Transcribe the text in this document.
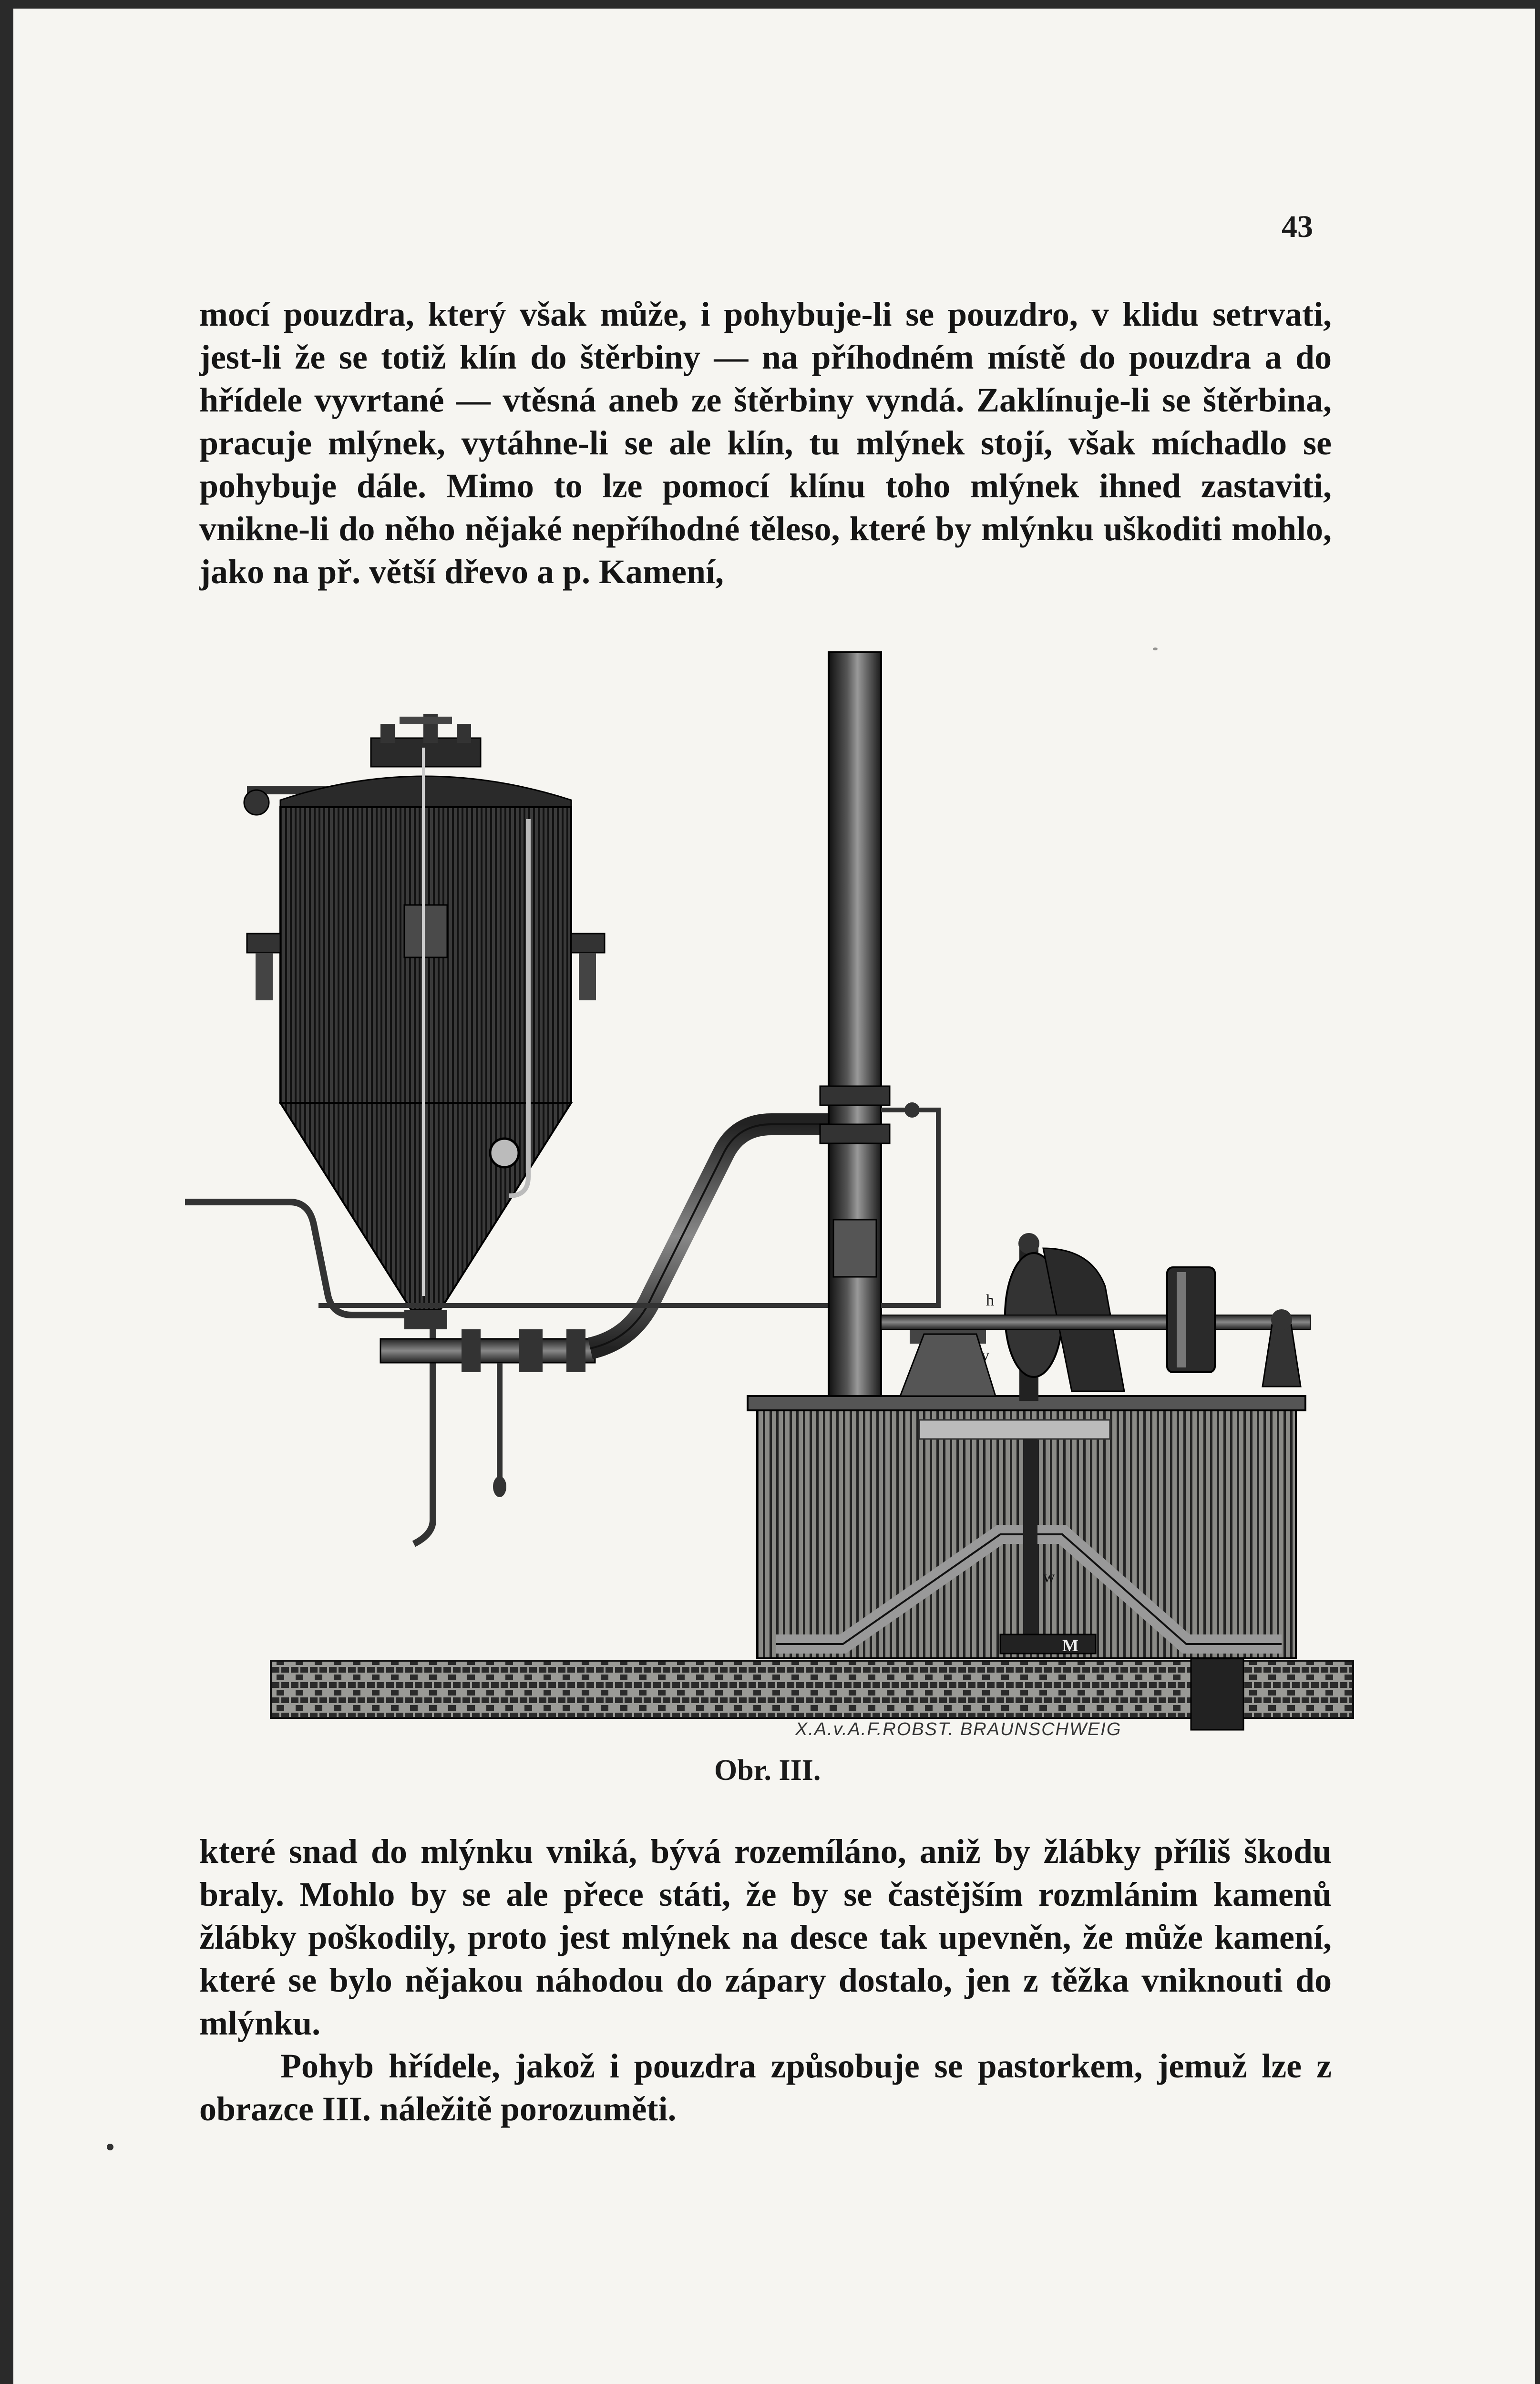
43

mocí pouzdra, který však může, i pohybuje-li se pouzdro, v klidu setrvati, jest-li že se totiž klín do štěrbiny — na příhodném místě do pouzdra a do hřídele vyvrtané — vtěsná aneb ze štěrbiny vyndá. Zaklínuje-li se štěrbina, pracuje mlýnek, vytáhne-li se ale klín, tu mlýnek stojí, však míchadlo se pohybuje dále. Mimo to lze pomocí klínu toho mlýnek ihned zastaviti, vnikne-li do něho nějaké nepříhodné těleso, které by mlýnku uškoditi mohlo, jako na př. větší dřevo a p. Kamení,

M
w
h
v
X.A.v.A.F.ROBST. BRAUNSCHWEIG
Obr. III.

které snad do mlýnku vniká, bývá rozemíláno, aniž by žlábky příliš škodu braly. Mohlo by se ale přece státi, že by se častějším rozmlánim kamenů žlábky poškodily, proto jest mlýnek na desce tak upevněn, že může kamení, které se bylo nějakou náhodou do zápary dostalo, jen z těžka vniknouti do mlýnku.

Pohyb hřídele, jakož i pouzdra způsobuje se pastorkem, jemuž lze z obrazce III. náležitě porozuměti.
